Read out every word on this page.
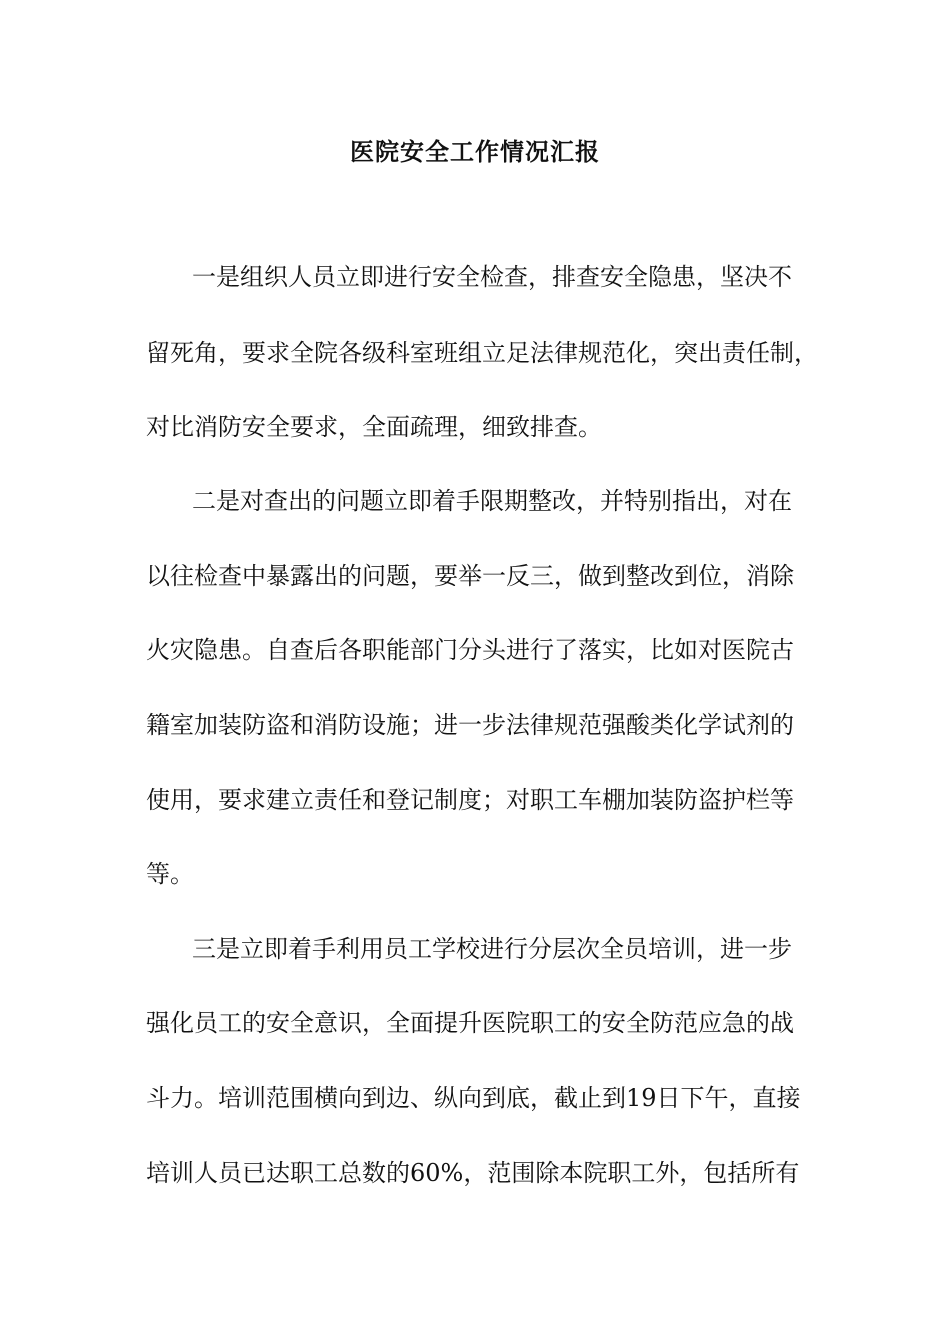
医院安全工作情况汇报
一是组织人员立即进行安全检查，排查安全隐患，坚决不
留死角，要求全院各级科室班组立足法律规范化，突出责任制，
对比消防安全要求，全面疏理，细致排查。
二是对查出的问题立即着手限期整改，并特别指出，对在
以往检查中暴露出的问题，要举一反三，做到整改到位，消除
火灾隐患。自查后各职能部门分头进行了落实，比如对医院古
籍室加装防盗和消防设施；进一步法律规范强酸类化学试剂的
使用，要求建立责任和登记制度；对职工车棚加装防盗护栏等
等。
三是立即着手利用员工学校进行分层次全员培训，进一步
强化员工的安全意识，全面提升医院职工的安全防范应急的战
斗力。培训范围横向到边、纵向到底，截止到19日下午，直接
培训人员已达职工总数的60%，范围除本院职工外，包括所有
